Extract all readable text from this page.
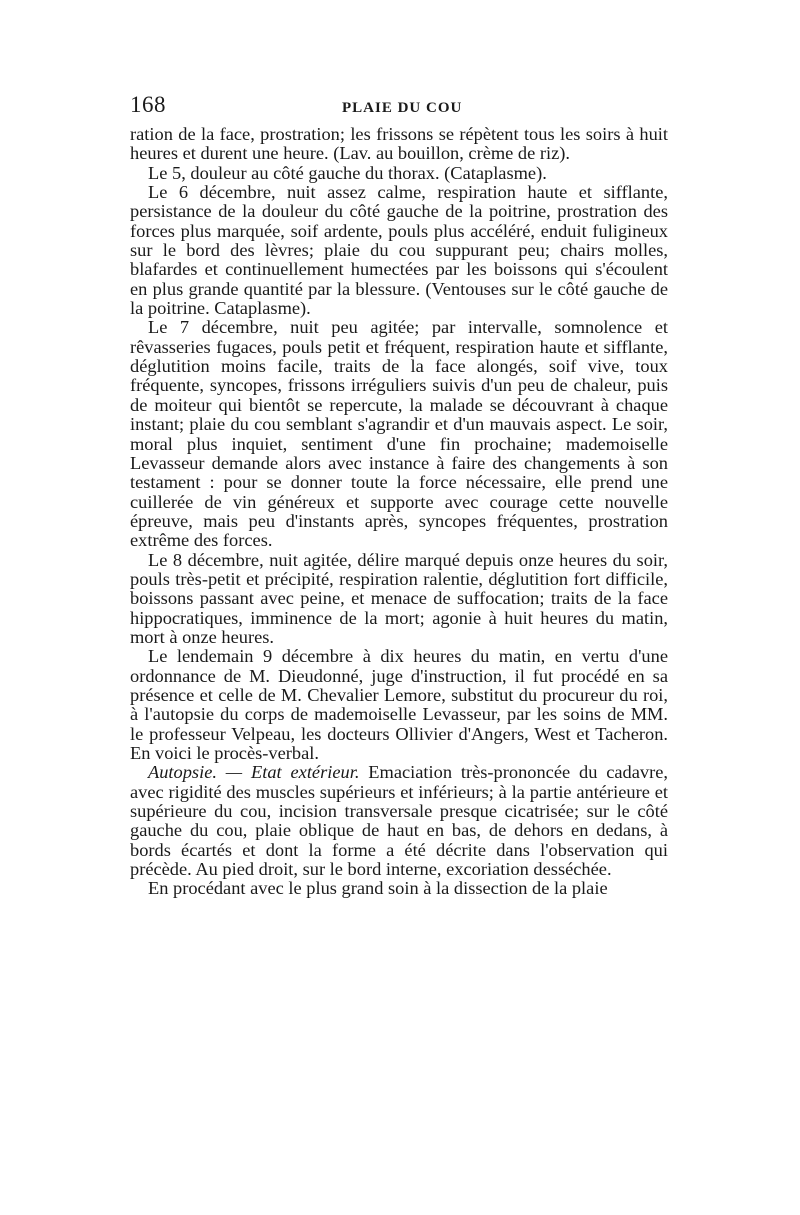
168	PLAIE DU COU

ration de la face, prostration; les frissons se répètent tous les soirs à huit heures et durent une heure. (Lav. au bouillon, crème de riz).

Le 5, douleur au côté gauche du thorax. (Cataplasme).

Le 6 décembre, nuit assez calme, respiration haute et sifflante, persistance de la douleur du côté gauche de la poitrine, prostration des forces plus marquée, soif ardente, pouls plus accéléré, enduit fuligineux sur le bord des lèvres; plaie du cou suppurant peu; chairs molles, blafardes et continuellement humectées par les boissons qui s'écoulent en plus grande quantité par la blessure. (Ventouses sur le côté gauche de la poitrine. Cataplasme).

Le 7 décembre, nuit peu agitée; par intervalle, somnolence et rêvasseries fugaces, pouls petit et fréquent, respiration haute et sifflante, déglutition moins facile, traits de la face alongés, soif vive, toux fréquente, syncopes, frissons irréguliers suivis d'un peu de chaleur, puis de moiteur qui bientôt se repercute, la malade se découvrant à chaque instant; plaie du cou semblant s'agrandir et d'un mauvais aspect. Le soir, moral plus inquiet, sentiment d'une fin prochaine; mademoiselle Levasseur demande alors avec instance à faire des changements à son testament : pour se donner toute la force nécessaire, elle prend une cuillerée de vin généreux et supporte avec courage cette nouvelle épreuve, mais peu d'instants après, syncopes fréquentes, prostration extrême des forces.

Le 8 décembre, nuit agitée, délire marqué depuis onze heures du soir, pouls très-petit et précipité, respiration ralentie, déglutition fort difficile, boissons passant avec peine, et menace de suffocation; traits de la face hippocratiques, imminence de la mort; agonie à huit heures du matin, mort à onze heures.

Le lendemain 9 décembre à dix heures du matin, en vertu d'une ordonnance de M. Dieudonné, juge d'instruction, il fut procédé en sa présence et celle de M. Chevalier Lemore, substitut du procureur du roi, à l'autopsie du corps de mademoiselle Levasseur, par les soins de MM. le professeur Velpeau, les docteurs Ollivier d'Angers, West et Tacheron. En voici le procès-verbal.

Autopsie. — Etat extérieur. Emaciation très-prononcée du cadavre, avec rigidité des muscles supérieurs et inférieurs; à la partie antérieure et supérieure du cou, incision transversale presque cicatrisée; sur le côté gauche du cou, plaie oblique de haut en bas, de dehors en dedans, à bords écartés et dont la forme a été décrite dans l'observation qui précède. Au pied droit, sur le bord interne, excoriation desséchée.

En procédant avec le plus grand soin à la dissection de la plaie
